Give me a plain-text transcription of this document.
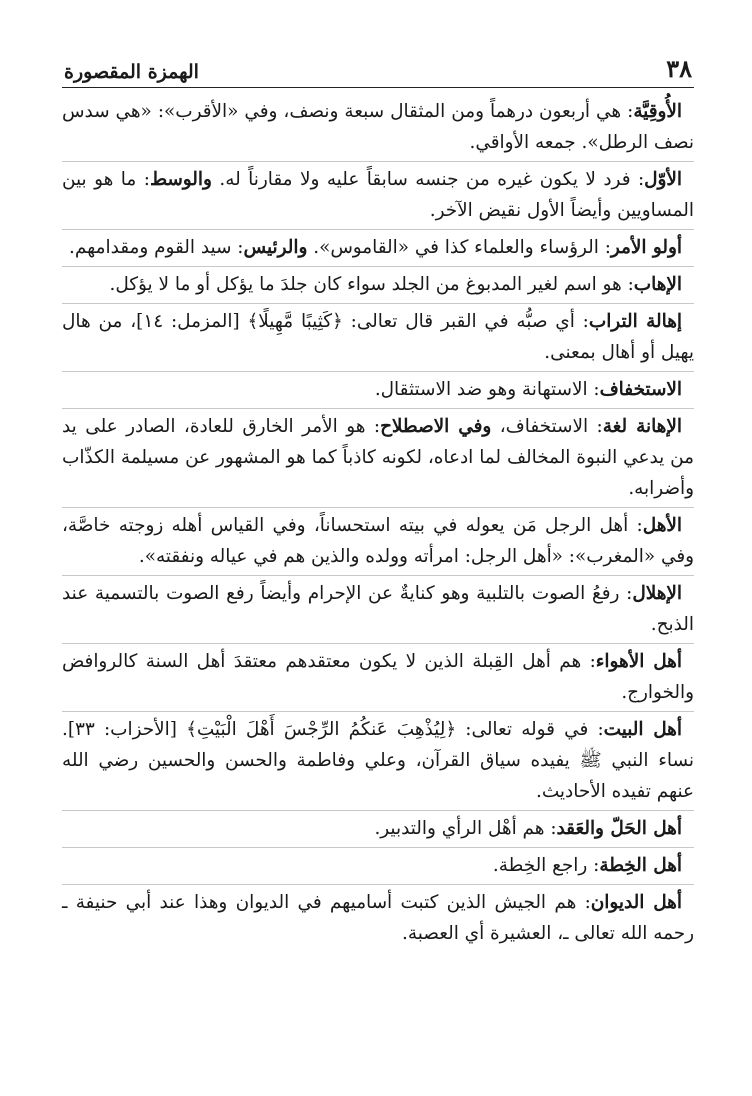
٣٨
الهمزة المقصورة

الأُوقِيَّة: هي أربعون درهماً ومن المثقال سبعة ونصف، وفي «الأقرب»: «هي سدس نصف الرطل». جمعه الأواقي.

الأوّل: فرد لا يكون غيره من جنسه سابقاً عليه ولا مقارناً له. والوسط: ما هو بين المساويين وأيضاً الأول نقيض الآخر.

أولو الأمر: الرؤساء والعلماء كذا في «القاموس». والرئيس: سيد القوم ومقدامهم.

الإهاب: هو اسم لغير المدبوغ من الجلد سواء كان جلدَ ما يؤكل أو ما لا يؤكل.

إهالة التراب: أي صبُّه في القبر قال تعالى: ﴿كَثِيبًا مَّهِيلًا﴾ [المزمل: ١٤]، من هال يهيل أو أهال بمعنى.

الاستخفاف: الاستهانة وهو ضد الاستثقال.

الإهانة لغة: الاستخفاف، وفي الاصطلاح: هو الأمر الخارق للعادة، الصادر على يد من يدعي النبوة المخالف لما ادعاه، لكونه كاذباً كما هو المشهور عن مسيلمة الكذّاب وأضرابه.

الأهل: أهل الرجل مَن يعوله في بيته استحساناً، وفي القياس أهله زوجته خاصَّة، وفي «المغرب»: «أهل الرجل: امرأته وولده والذين هم في عياله ونفقته».

الإهلال: رفعُ الصوت بالتلبية وهو كنايةٌ عن الإحرام وأيضاً رفع الصوت بالتسمية عند الذبح.

أهل الأهواء: هم أهل القِبلة الذين لا يكون معتقدهم معتقدَ أهل السنة كالروافض والخوارج.

أهل البيت: في قوله تعالى: ﴿لِيُذْهِبَ عَنكُمُ الرِّجْسَ أَهْلَ الْبَيْتِ﴾ [الأحزاب: ٣٣]. نساء النبي ﷺ يفيده سياق القرآن، وعلي وفاطمة والحسن والحسين رضي الله عنهم تفيده الأحاديث.

أهل الحَلّ والعَقد: هم أهْل الرأي والتدبير.

أهل الخِطة: راجع الخِطة.

أهل الديوان: هم الجيش الذين كتبت أساميهم في الديوان وهذا عند أبي حنيفة ـ رحمه الله تعالى ـ، العشيرة أي العصبة.
